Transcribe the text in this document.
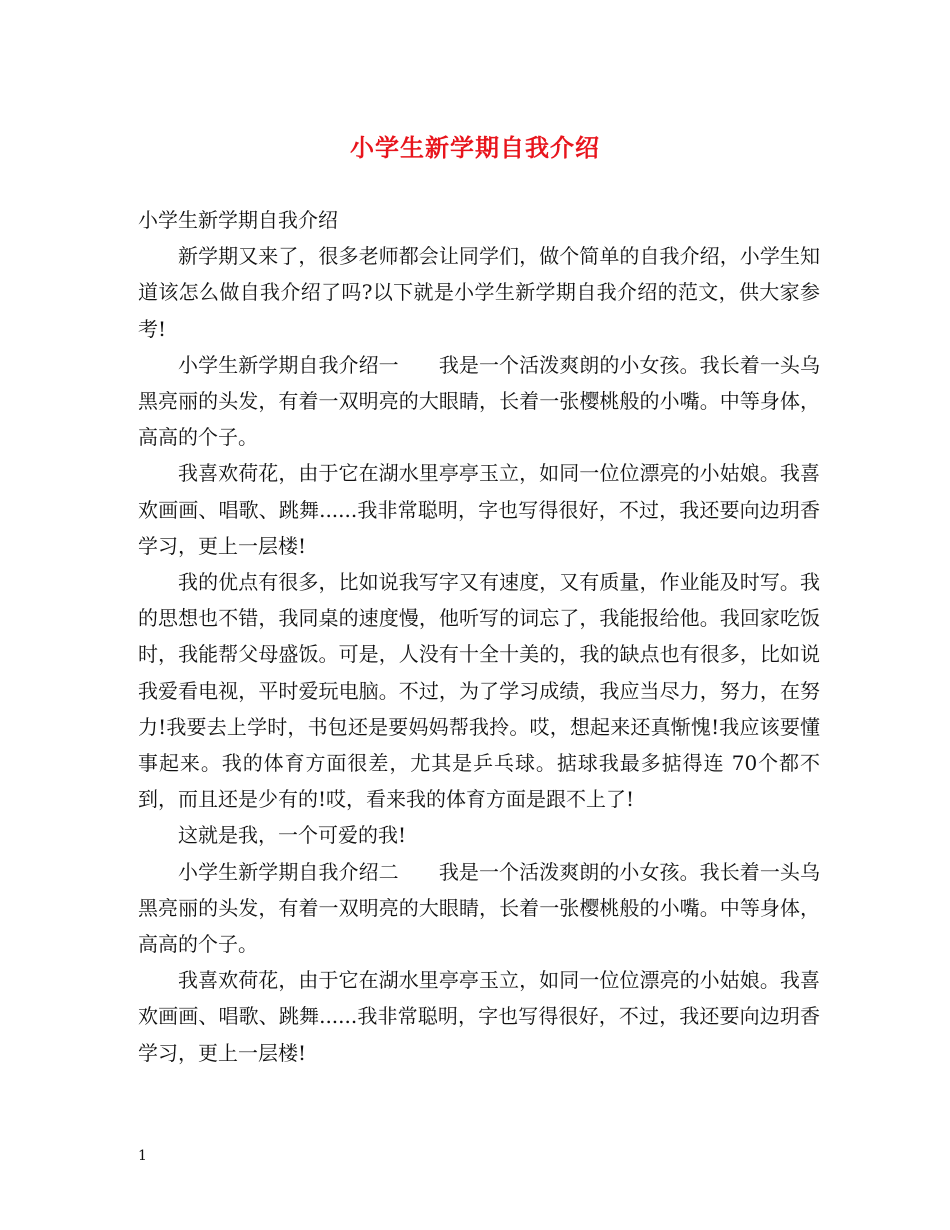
小学生新学期自我介绍

小学生新学期自我介绍

新学期又来了，很多老师都会让同学们，做个简单的自我介绍，小学生知道该怎么做自我介绍了吗?以下就是小学生新学期自我介绍的范文，供大家参考!

小学生新学期自我介绍一　　我是一个活泼爽朗的小女孩。我长着一头乌黑亮丽的头发，有着一双明亮的大眼睛，长着一张樱桃般的小嘴。中等身体，高高的个子。

我喜欢荷花，由于它在湖水里亭亭玉立，如同一位位漂亮的小姑娘。我喜欢画画、唱歌、跳舞......我非常聪明，字也写得很好，不过，我还要向边玥香学习，更上一层楼!

我的优点有很多，比如说我写字又有速度，又有质量，作业能及时写。我的思想也不错，我同桌的速度慢，他听写的词忘了，我能报给他。我回家吃饭时，我能帮父母盛饭。可是，人没有十全十美的，我的缺点也有很多，比如说我爱看电视，平时爱玩电脑。不过，为了学习成绩，我应当尽力，努力，在努力!我要去上学时，书包还是要妈妈帮我拎。哎，想起来还真惭愧!我应该要懂事起来。我的体育方面很差，尤其是乒乓球。掂球我最多掂得连 70个都不到，而且还是少有的!哎，看来我的体育方面是跟不上了!

这就是我，一个可爱的我!

小学生新学期自我介绍二　　我是一个活泼爽朗的小女孩。我长着一头乌黑亮丽的头发，有着一双明亮的大眼睛，长着一张樱桃般的小嘴。中等身体，高高的个子。

我喜欢荷花，由于它在湖水里亭亭玉立，如同一位位漂亮的小姑娘。我喜欢画画、唱歌、跳舞......我非常聪明，字也写得很好，不过，我还要向边玥香学习，更上一层楼!

1
